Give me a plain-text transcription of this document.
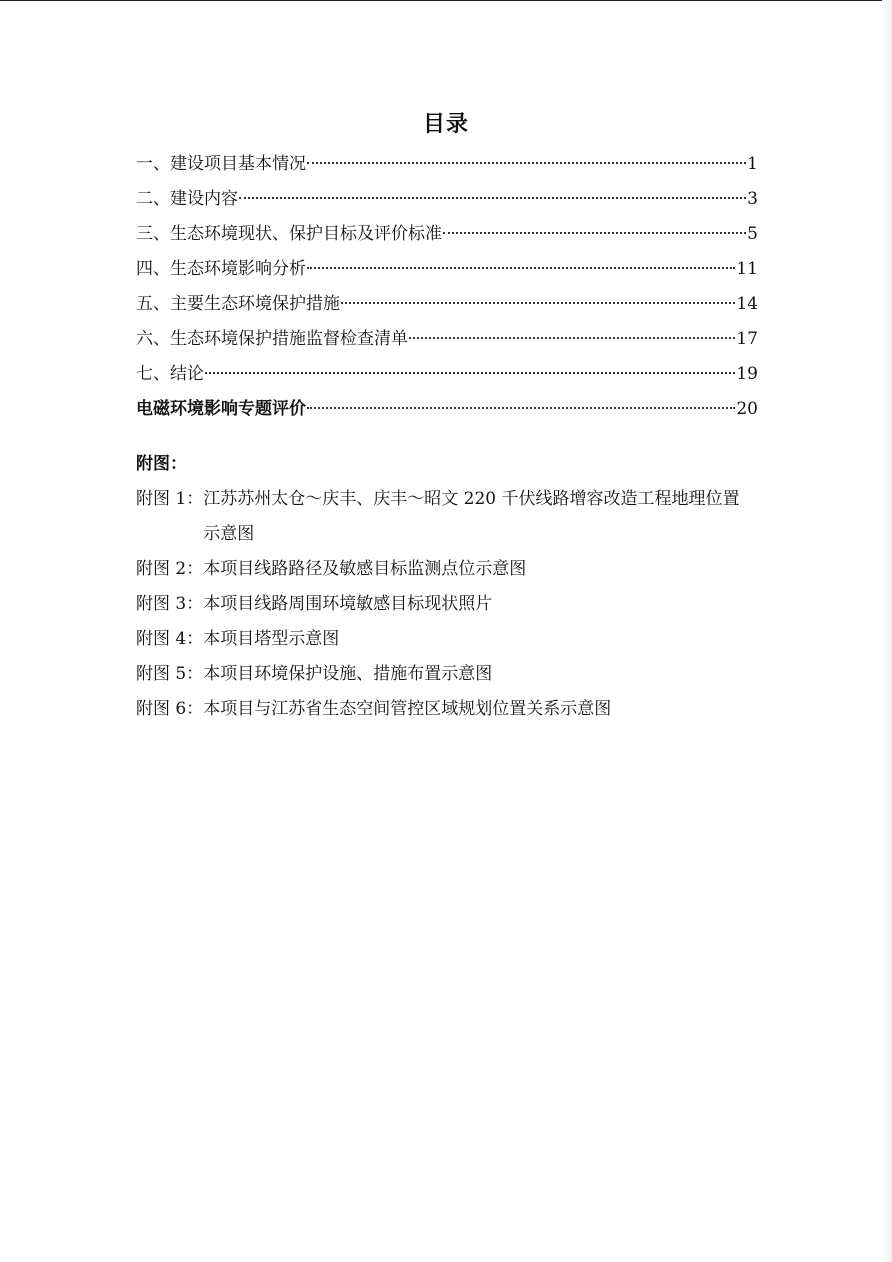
目录
一、建设项目基本情况	1
二、建设内容	3
三、生态环境现状、保护目标及评价标准	5
四、生态环境影响分析	11
五、主要生态环境保护措施	14
六、生态环境保护措施监督检查清单	17
七、结论	19
电磁环境影响专题评价	20
附图：
附图 1： 江苏苏州太仓～庆丰、庆丰～昭文 220 千伏线路增容改造工程地理位置示意图
附图 2： 本项目线路路径及敏感目标监测点位示意图
附图 3： 本项目线路周围环境敏感目标现状照片
附图 4： 本项目塔型示意图
附图 5： 本项目环境保护设施、措施布置示意图
附图 6： 本项目与江苏省生态空间管控区域规划位置关系示意图
